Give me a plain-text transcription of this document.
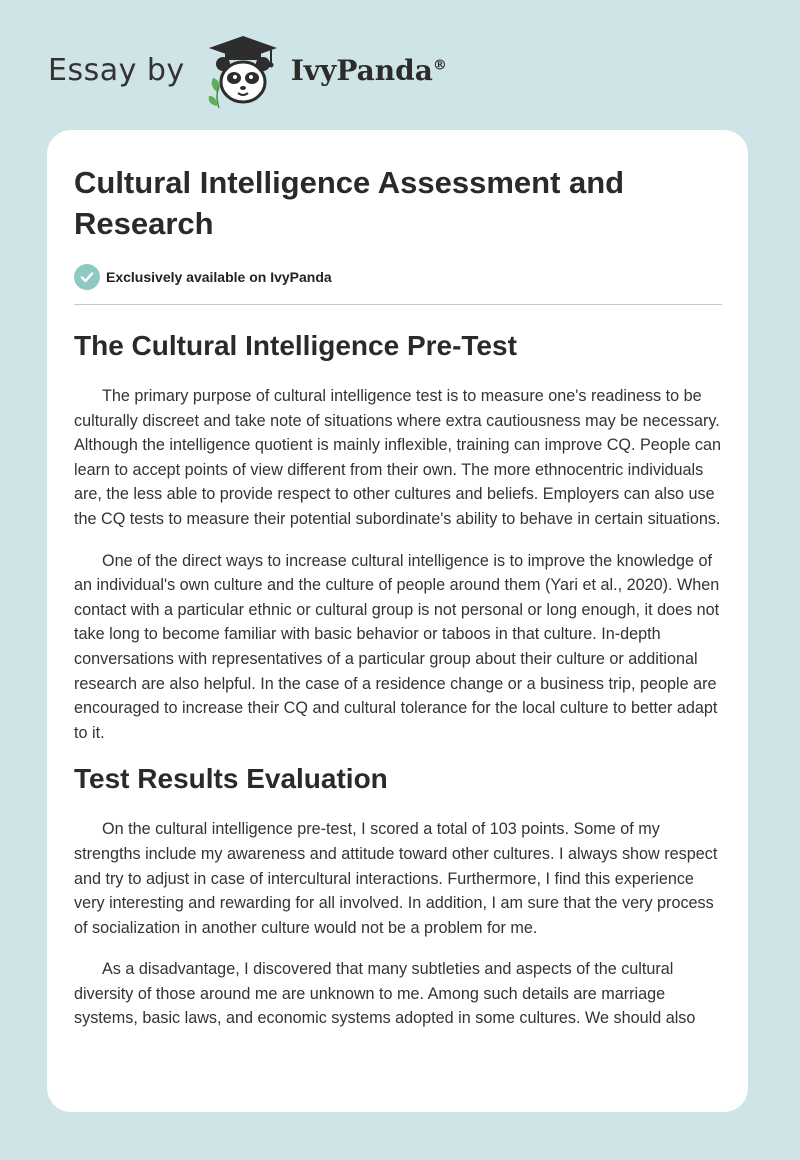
Essay by	IvyPanda®
Cultural Intelligence Assessment and Research
Exclusively available on IvyPanda
The Cultural Intelligence Pre-Test

The primary purpose of cultural intelligence test is to measure one's readiness to be culturally discreet and take note of situations where extra cautiousness may be necessary. Although the intelligence quotient is mainly inflexible, training can improve CQ. People can learn to accept points of view different from their own. The more ethnocentric individuals are, the less able to provide respect to other cultures and beliefs. Employers can also use the CQ tests to measure their potential subordinate's ability to behave in certain situations.

One of the direct ways to increase cultural intelligence is to improve the knowledge of an individual's own culture and the culture of people around them (Yari et al., 2020). When contact with a particular ethnic or cultural group is not personal or long enough, it does not take long to become familiar with basic behavior or taboos in that culture. In-depth conversations with representatives of a particular group about their culture or additional research are also helpful. In the case of a residence change or a business trip, people are encouraged to increase their CQ and cultural tolerance for the local culture to better adapt to it.

Test Results Evaluation

On the cultural intelligence pre-test, I scored a total of 103 points. Some of my strengths include my awareness and attitude toward other cultures. I always show respect and try to adjust in case of intercultural interactions. Furthermore, I find this experience very interesting and rewarding for all involved. In addition, I am sure that the very process of socialization in another culture would not be a problem for me.

As a disadvantage, I discovered that many subtleties and aspects of the cultural diversity of those around me are unknown to me. Among such details are marriage systems, basic laws, and economic systems adopted in some cultures. We should also
